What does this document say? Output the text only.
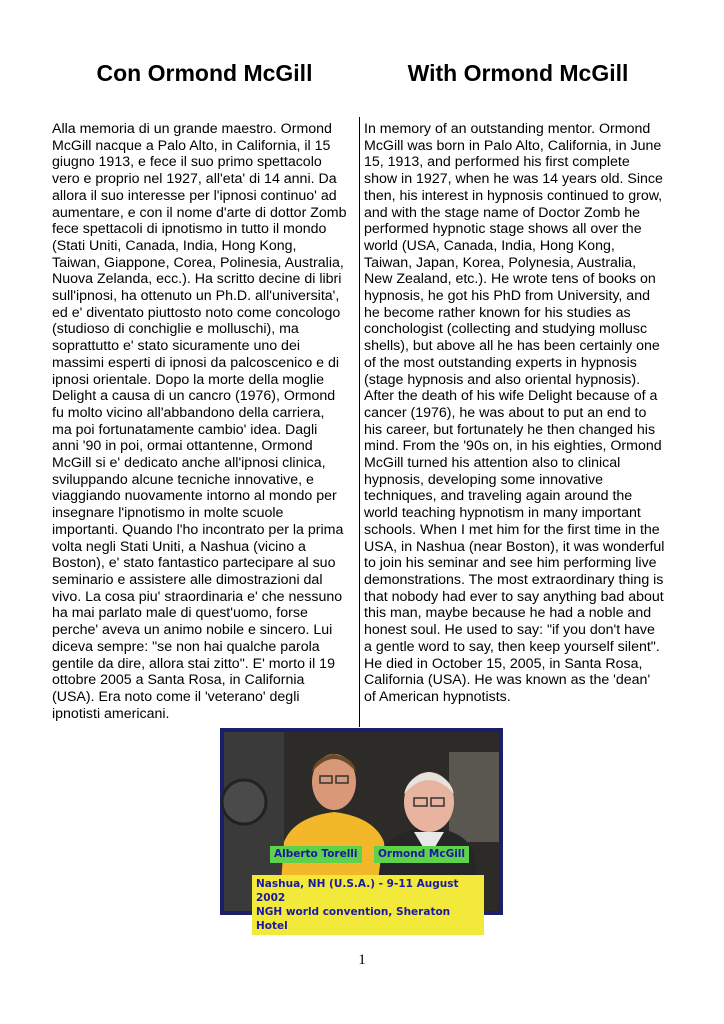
Con Ormond McGill	With Ormond McGill

Alla memoria di un grande maestro. Ormond
McGill nacque a Palo Alto, in California, il 15
giugno 1913, e fece il suo primo spettacolo
vero e proprio nel 1927, all'eta' di 14 anni. Da
allora il suo interesse per l'ipnosi continuo' ad
aumentare, e con il nome d'arte di dottor Zomb
fece spettacoli di ipnotismo in tutto il mondo
(Stati Uniti, Canada, India, Hong Kong,
Taiwan, Giappone, Corea, Polinesia, Australia,
Nuova Zelanda, ecc.). Ha scritto decine di libri
sull'ipnosi, ha ottenuto un Ph.D. all'universita',
ed e' diventato piuttosto noto come concologo
(studioso di conchiglie e molluschi), ma
soprattutto e' stato sicuramente uno dei
massimi esperti di ipnosi da palcoscenico e di
ipnosi orientale. Dopo la morte della moglie
Delight a causa di un cancro (1976), Ormond
fu molto vicino all'abbandono della carriera,
ma poi fortunatamente cambio' idea. Dagli
anni '90 in poi, ormai ottantenne, Ormond
McGill si e' dedicato anche all'ipnosi clinica,
sviluppando alcune tecniche innovative, e
viaggiando nuovamente intorno al mondo per
insegnare l'ipnotismo in molte scuole
importanti. Quando l'ho incontrato per la prima
volta negli Stati Uniti, a Nashua (vicino a
Boston), e' stato fantastico partecipare al suo
seminario e assistere alle dimostrazioni dal
vivo. La cosa piu' straordinaria e' che nessuno
ha mai parlato male di quest'uomo, forse
perche' aveva un animo nobile e sincero. Lui
diceva sempre: "se non hai qualche parola
gentile da dire, allora stai zitto". E' morto il 19
ottobre 2005 a Santa Rosa, in California
(USA). Era noto come il 'veterano' degli
ipnotisti americani.

In memory of an outstanding mentor. Ormond
McGill was born in Palo Alto, California, in June
15, 1913, and performed his first complete
show in 1927, when he was 14 years old. Since
then, his interest in hypnosis continued to grow,
and with the stage name of Doctor Zomb he
performed hypnotic stage shows all over the
world (USA, Canada, India, Hong Kong,
Taiwan, Japan, Korea, Polynesia, Australia,
New Zealand, etc.). He wrote tens of books on
hypnosis, he got his PhD from University, and
he become rather known for his studies as
conchologist (collecting and studying mollusc
shells), but above all he has been certainly one
of the most outstanding experts in hypnosis
(stage hypnosis and also oriental hypnosis).
After the death of his wife Delight because of a
cancer (1976), he was about to put an end to
his career, but fortunately he then changed his
mind. From the '90s on, in his eighties, Ormond
McGill turned his attention also to clinical
hypnosis, developing some innovative
techniques, and traveling again around the
world teaching hypnotism in many important
schools. When I met him for the first time in the
USA, in Nashua (near Boston), it was wonderful
to join his seminar and see him performing live
demonstrations. The most extraordinary thing is
that nobody had ever to say anything bad about
this man, maybe because he had a noble and
honest soul. He used to say: "if you don't have
a gentle word to say, then keep yourself silent".
He died in October 15, 2005, in Santa Rosa,
California (USA). He was known as the 'dean'
of American hypnotists.

Alberto Torelli	Ormond McGill
Nashua, NH (U.S.A.) - 9-11 August 2002
NGH world convention, Sheraton Hotel
1
